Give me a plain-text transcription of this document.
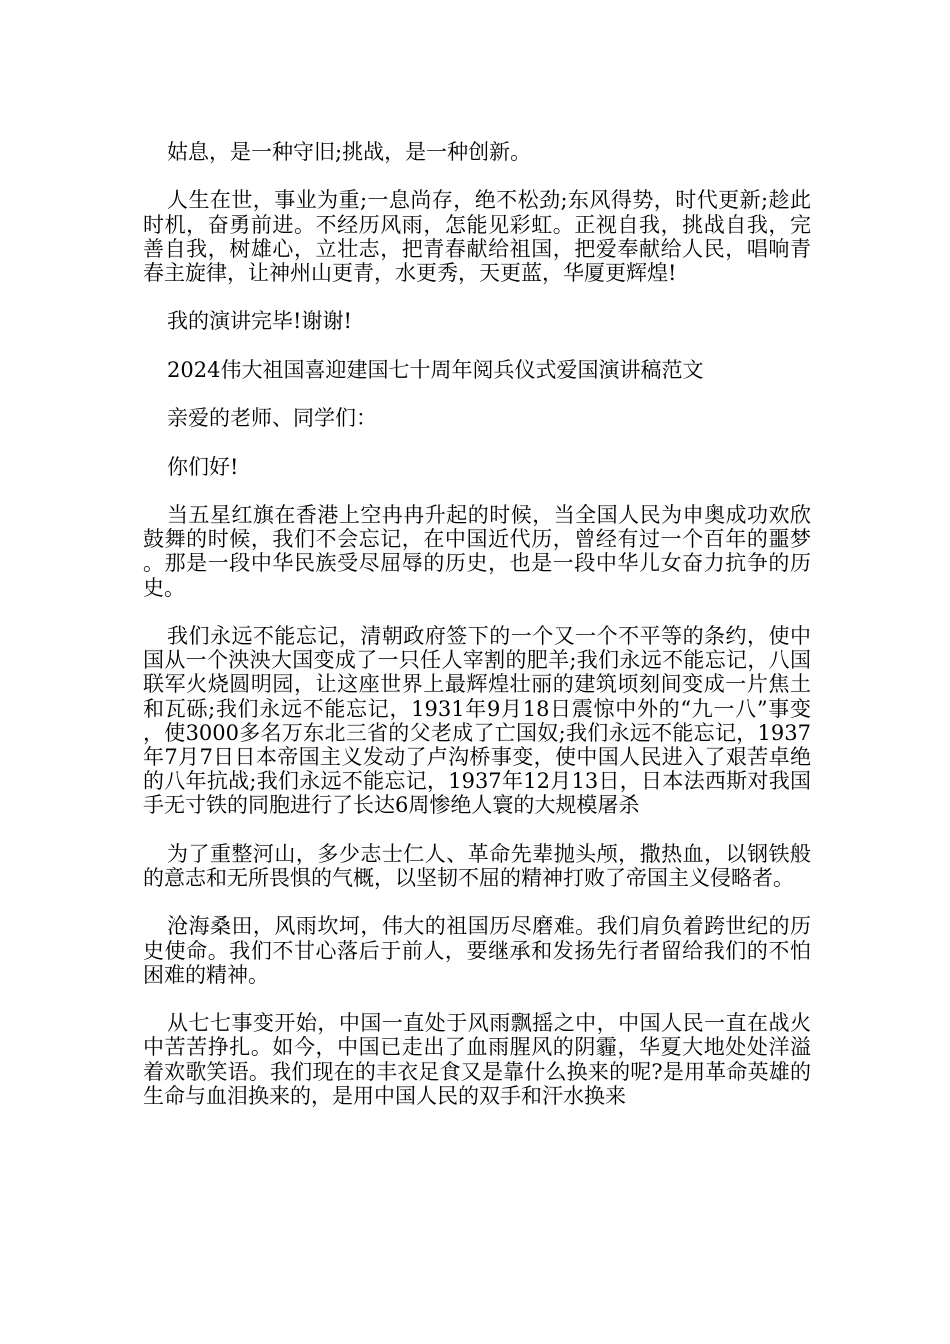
姑息，是一种守旧;挑战，是一种创新。

人生在世，事业为重;一息尚存，绝不松劲;东风得势，时代更新;趁此时机，奋勇前进。不经历风雨，怎能见彩虹。正视自我，挑战自我，完善自我，树雄心，立壮志，把青春献给祖国，把爱奉献给人民，唱响青春主旋律，让神州山更青，水更秀，天更蓝，华厦更辉煌!

我的演讲完毕!谢谢!

2024伟大祖国喜迎建国七十周年阅兵仪式爱国演讲稿范文

亲爱的老师、同学们：

你们好!

当五星红旗在香港上空冉冉升起的时候，当全国人民为申奥成功欢欣鼓舞的时候，我们不会忘记，在中国近代历，曾经有过一个百年的噩梦。那是一段中华民族受尽屈辱的历史，也是一段中华儿女奋力抗争的历史。

我们永远不能忘记，清朝政府签下的一个又一个不平等的条约，使中国从一个泱泱大国变成了一只任人宰割的肥羊;我们永远不能忘记，八国联军火烧圆明园，让这座世界上最辉煌壮丽的建筑顷刻间变成一片焦土和瓦砾;我们永远不能忘记，1931年9月18日震惊中外的“九一八”事变，使3000多名万东北三省的父老成了亡国奴;我们永远不能忘记，1937年7月7日日本帝国主义发动了卢沟桥事变，使中国人民进入了艰苦卓绝的八年抗战;我们永远不能忘记，1937年12月13日，日本法西斯对我国手无寸铁的同胞进行了长达6周惨绝人寰的大规模屠杀

为了重整河山，多少志士仁人、革命先辈抛头颅，撒热血，以钢铁般的意志和无所畏惧的气概，以坚韧不屈的精神打败了帝国主义侵略者。

沧海桑田，风雨坎坷，伟大的祖国历尽磨难。我们肩负着跨世纪的历史使命。我们不甘心落后于前人，要继承和发扬先行者留给我们的不怕困难的精神。

从七七事变开始，中国一直处于风雨飘摇之中，中国人民一直在战火中苦苦挣扎。如今，中国已走出了血雨腥风的阴霾，华夏大地处处洋溢着欢歌笑语。我们现在的丰衣足食又是靠什么换来的呢?是用革命英雄的生命与血泪换来的，是用中国人民的双手和汗水换来
